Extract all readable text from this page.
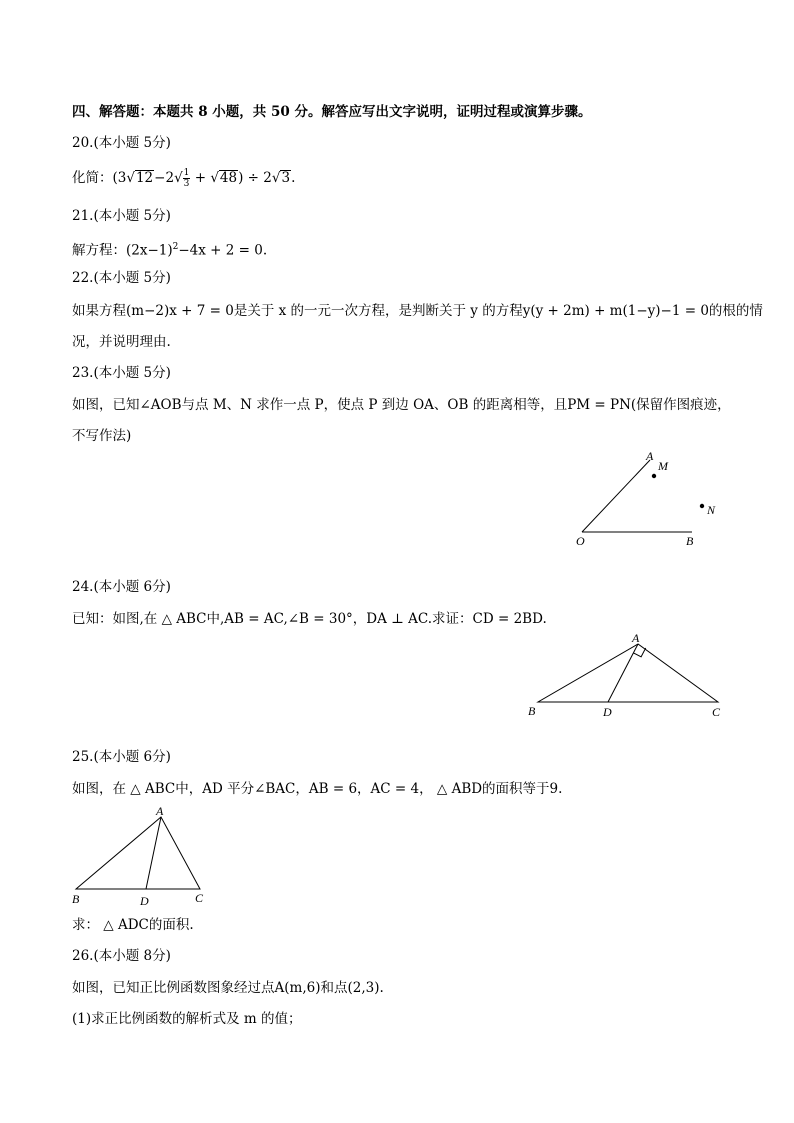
四、解答题：本题共 8 小题，共 50 分。解答应写出文字说明，证明过程或演算步骤。
20.(本小题 5分)
化简：$(3√12-2√ \frac{1}{3} + √48) \div 2√3$.
21.(本小题 5分)
解方程：$(2x-1)^2-4x + 2 = 0$.
22.(本小题 5分)
如果方程(m−2)x + 7 = 0是关于 x 的一元一次方程，是判断关于 y 的方程y(y + 2m) + m(1−y)−1 = 0的根的情
况，并说明理由.
23.(本小题 5分)
如图，已知∠AOB与点 M、N 求作一点 P，使点 P 到边 OA、OB 的距离相等，且PM = PN(保留作图痕迹，
不写作法)
A
M
N
O	B
24.(本小题 6分)
已知：如图,在 △ ABC中,AB = AC,∠B = 30°，DA ⊥ AC.求证：CD = 2BD.
A
B	D	C
25.(本小题 6分)
如图，在 △ ABC中，AD 平分∠BAC，AB = 6，AC = 4， △ ABD的面积等于9.
A
B	D	C
求： △ ADC的面积.
26.(本小题 8分)
如图，已知正比例函数图象经过点A(m,6)和点(2,3).
(1)求正比例函数的解析式及 m 的值；
